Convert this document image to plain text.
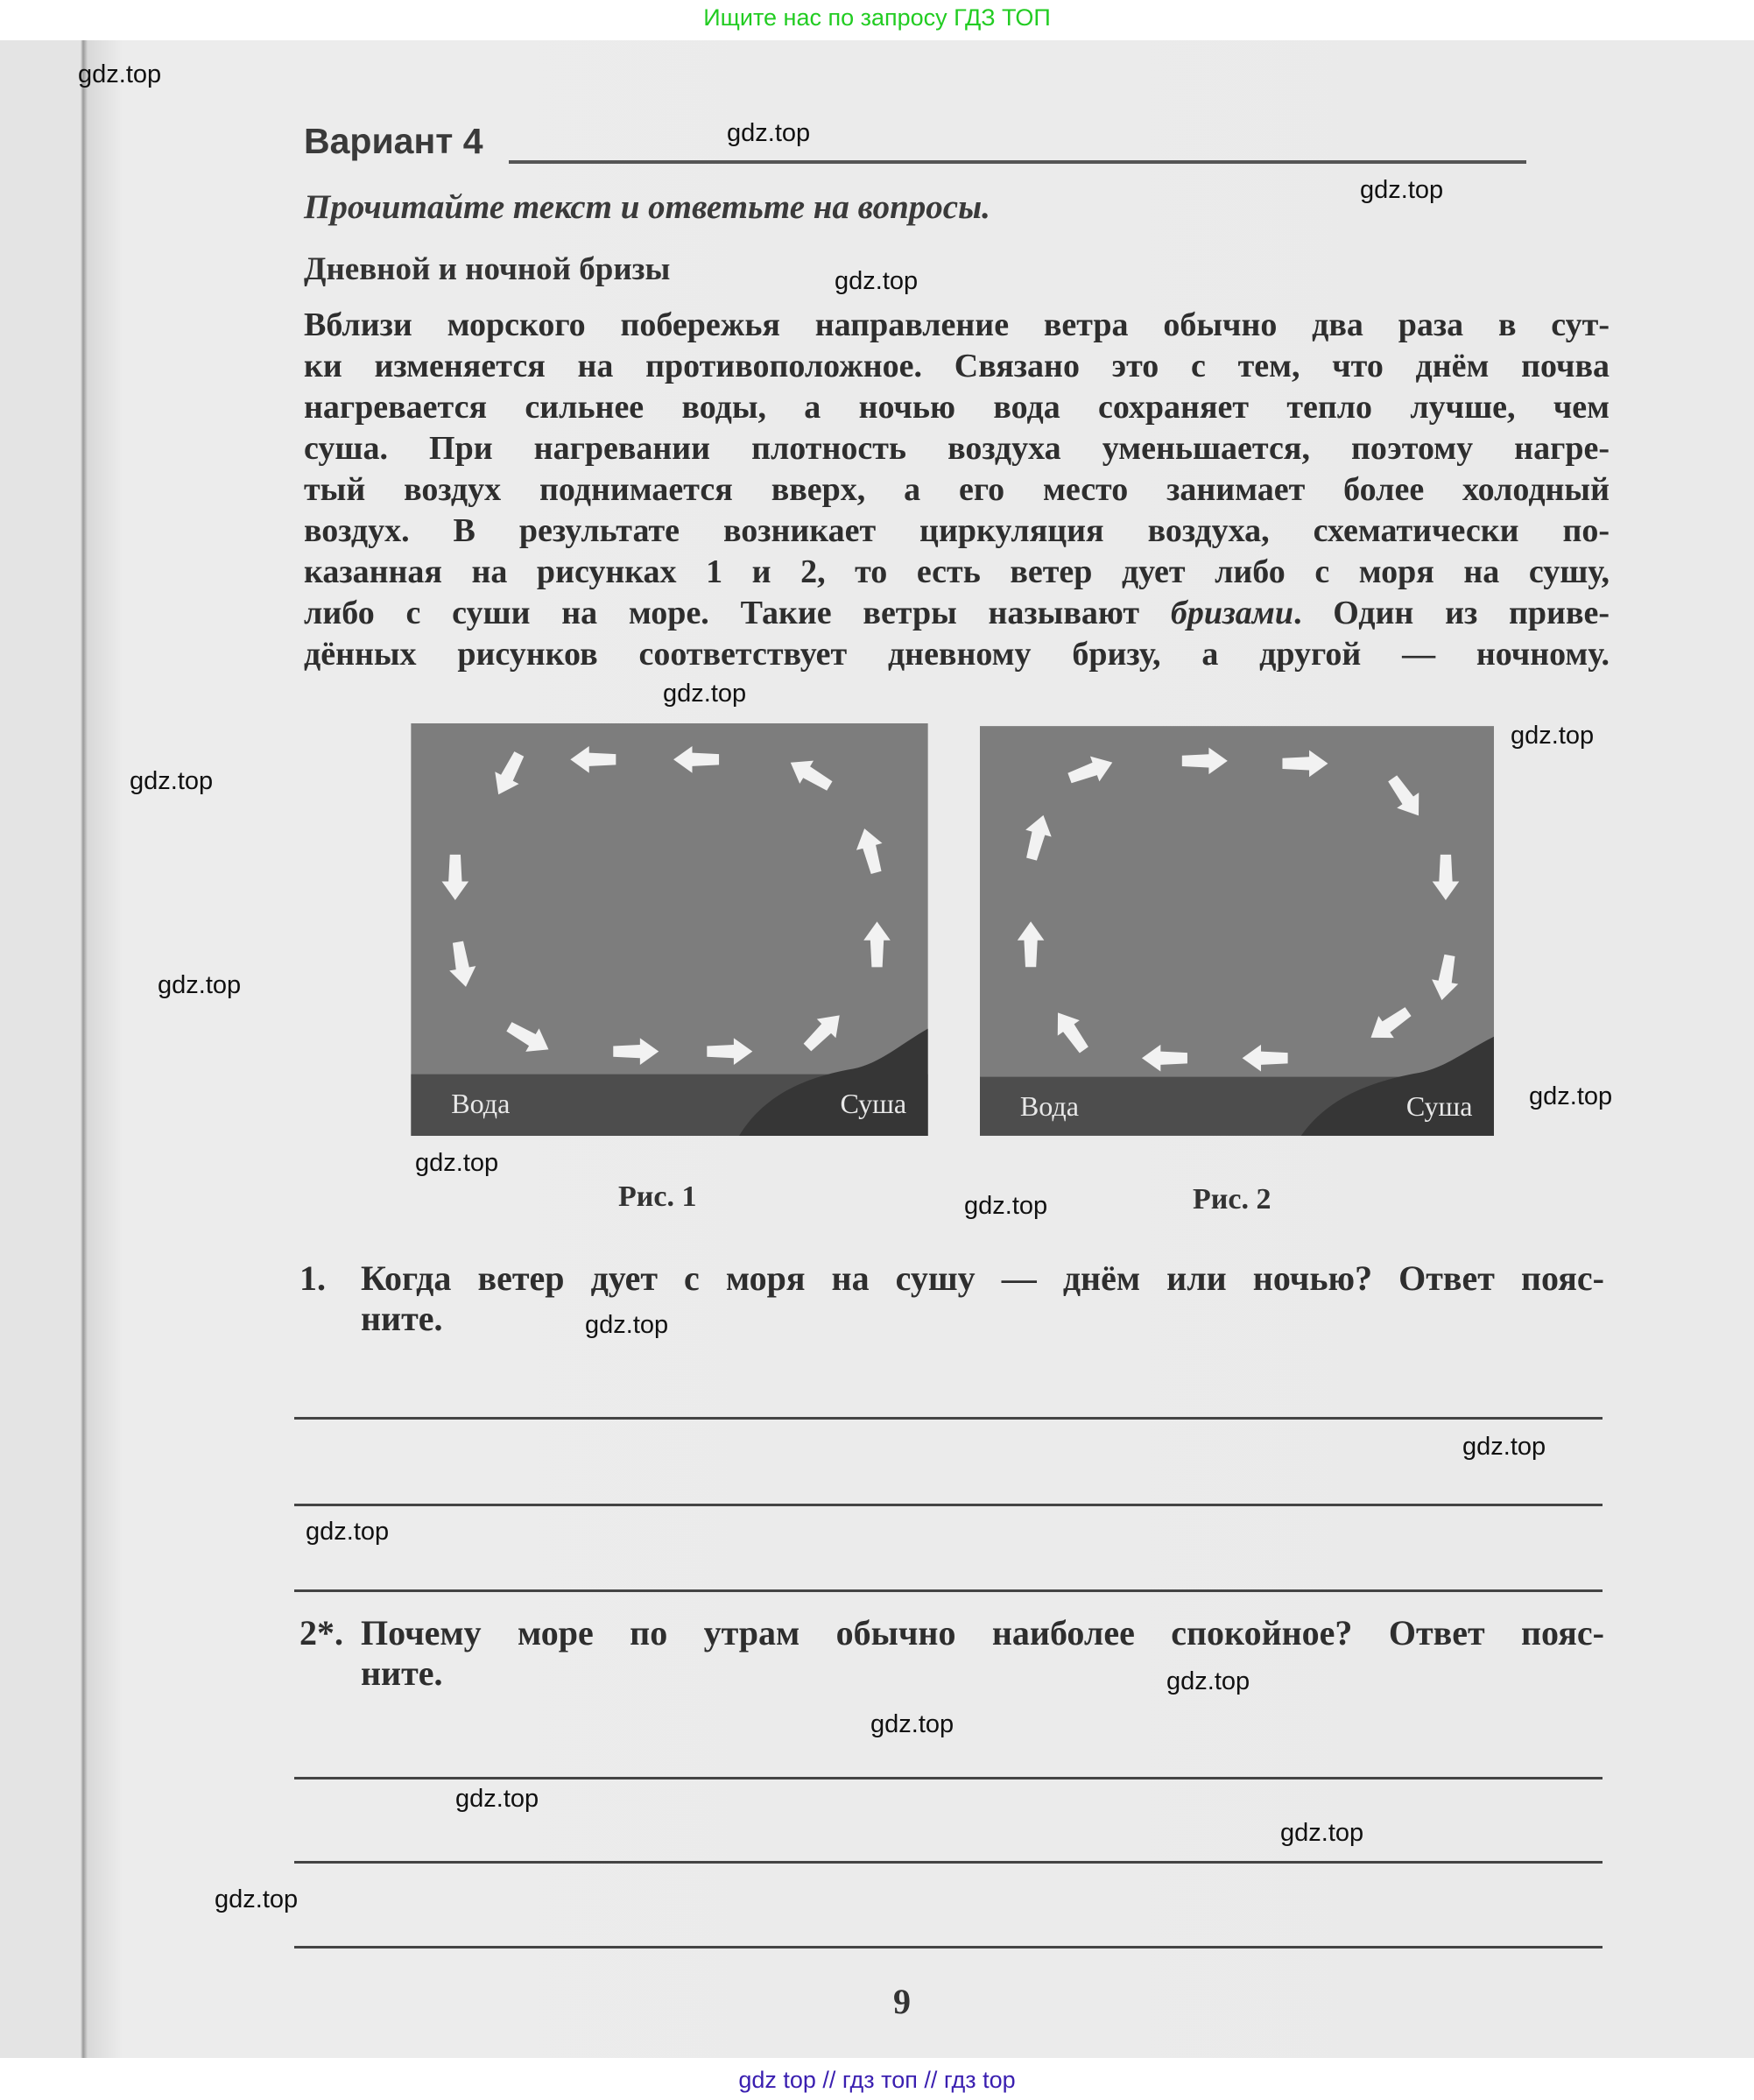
Ищите нас по запросу ГДЗ ТОП
Вариант 4
Прочитайте текст и ответьте на вопросы.
Дневной и ночной бризы
Вблизи морского побережья направление ветра обычно два раза в сут-
ки изменяется на противоположное. Связано это с тем, что днём почва
нагревается сильнее воды, а ночью вода сохраняет тепло лучше, чем
суша. При нагревании плотность воздуха уменьшается, поэтому нагре-
тый воздух поднимается вверх, а его место занимает более холодный
воздух. В результате возникает циркуляция воздуха, схематически по-
казанная на рисунках 1 и 2, то есть ветер дует либо с моря на сушу,
либо с суши на море. Такие ветры называют бризами. Один из приве-
дённых рисунков соответствует дневному бризу, а другой — ночному.
Вода	Суша
Рис. 1
Вода	Суша
Рис. 2
1. Когда ветер дует с моря на сушу — днём или ночью? Ответ пояс-
ните.
2*. Почему море по утрам обычно наиболее спокойное? Ответ пояс-
ните.
9
gdz.top
gdz.top
gdz.top
gdz.top
gdz.top
gdz.top
gdz.top
gdz.top
gdz.top
gdz.top
gdz.top
gdz.top
gdz.top
gdz.top
gdz.top
gdz.top
gdz.top
gdz.top
gdz.top
gdz top // гдз топ // гдз top
